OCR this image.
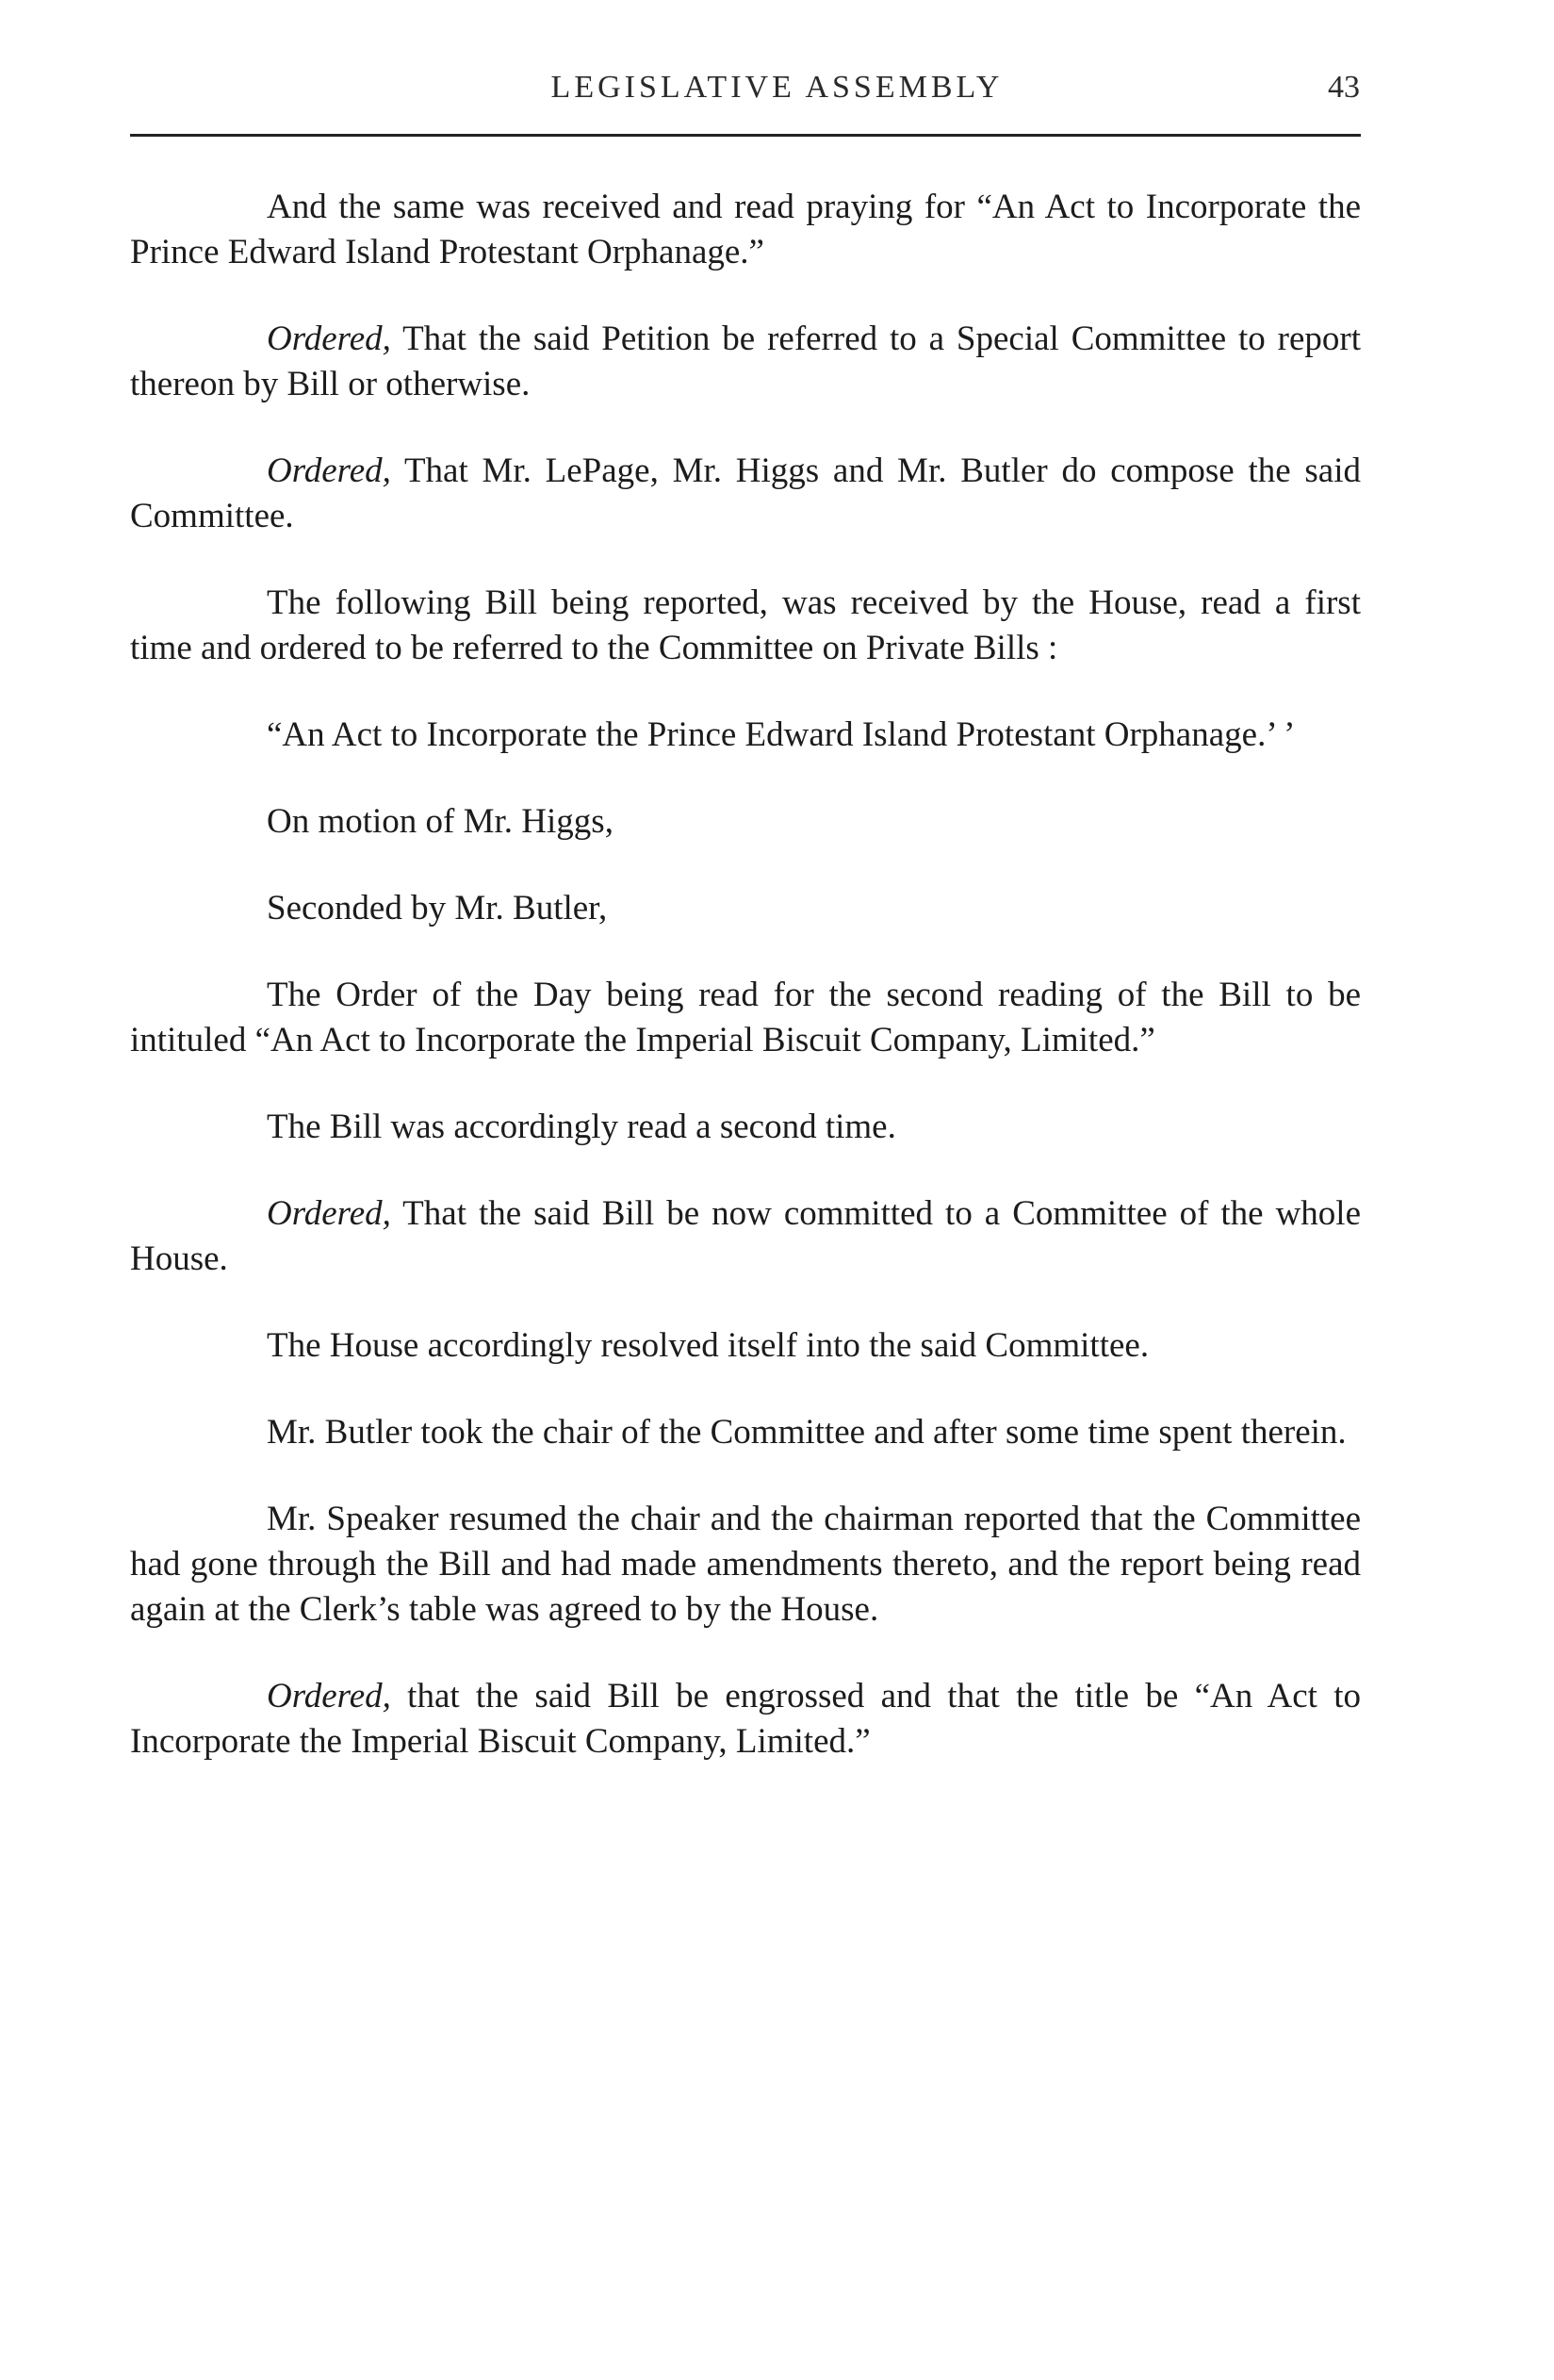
LEGISLATIVE ASSEMBLY	43

And the same was received and read praying for “An Act to Incorporate the Prince Edward Island Protestant Orphanage.”

Ordered, That the said Petition be referred to a Special Committee to report thereon by Bill or otherwise.

Ordered, That Mr. LePage, Mr. Higgs and Mr. Butler do compose the said Committee.

The following Bill being reported, was received by the House, read a first time and ordered to be referred to the Committee on Private Bills :

“An Act to Incorporate the Prince Edward Island Protestant Orphanage.’ ’

On motion of Mr. Higgs,

Seconded by Mr. Butler,

The Order of the Day being read for the second reading of the Bill to be intituled “An Act to Incorporate the Imperial Biscuit Company, Limited.”

The Bill was accordingly read a second time.

Ordered, That the said Bill be now committed to a Committee of the whole House.

The House accordingly resolved itself into the said Committee.

Mr. Butler took the chair of the Committee and after some time spent therein.

Mr. Speaker resumed the chair and the chairman reported that the Committee had gone through the Bill and had made amendments thereto, and the report being read again at the Clerk’s table was agreed to by the House.

Ordered, that the said Bill be engrossed and that the title be “An Act to Incorporate the Imperial Biscuit Company, Limited.”
